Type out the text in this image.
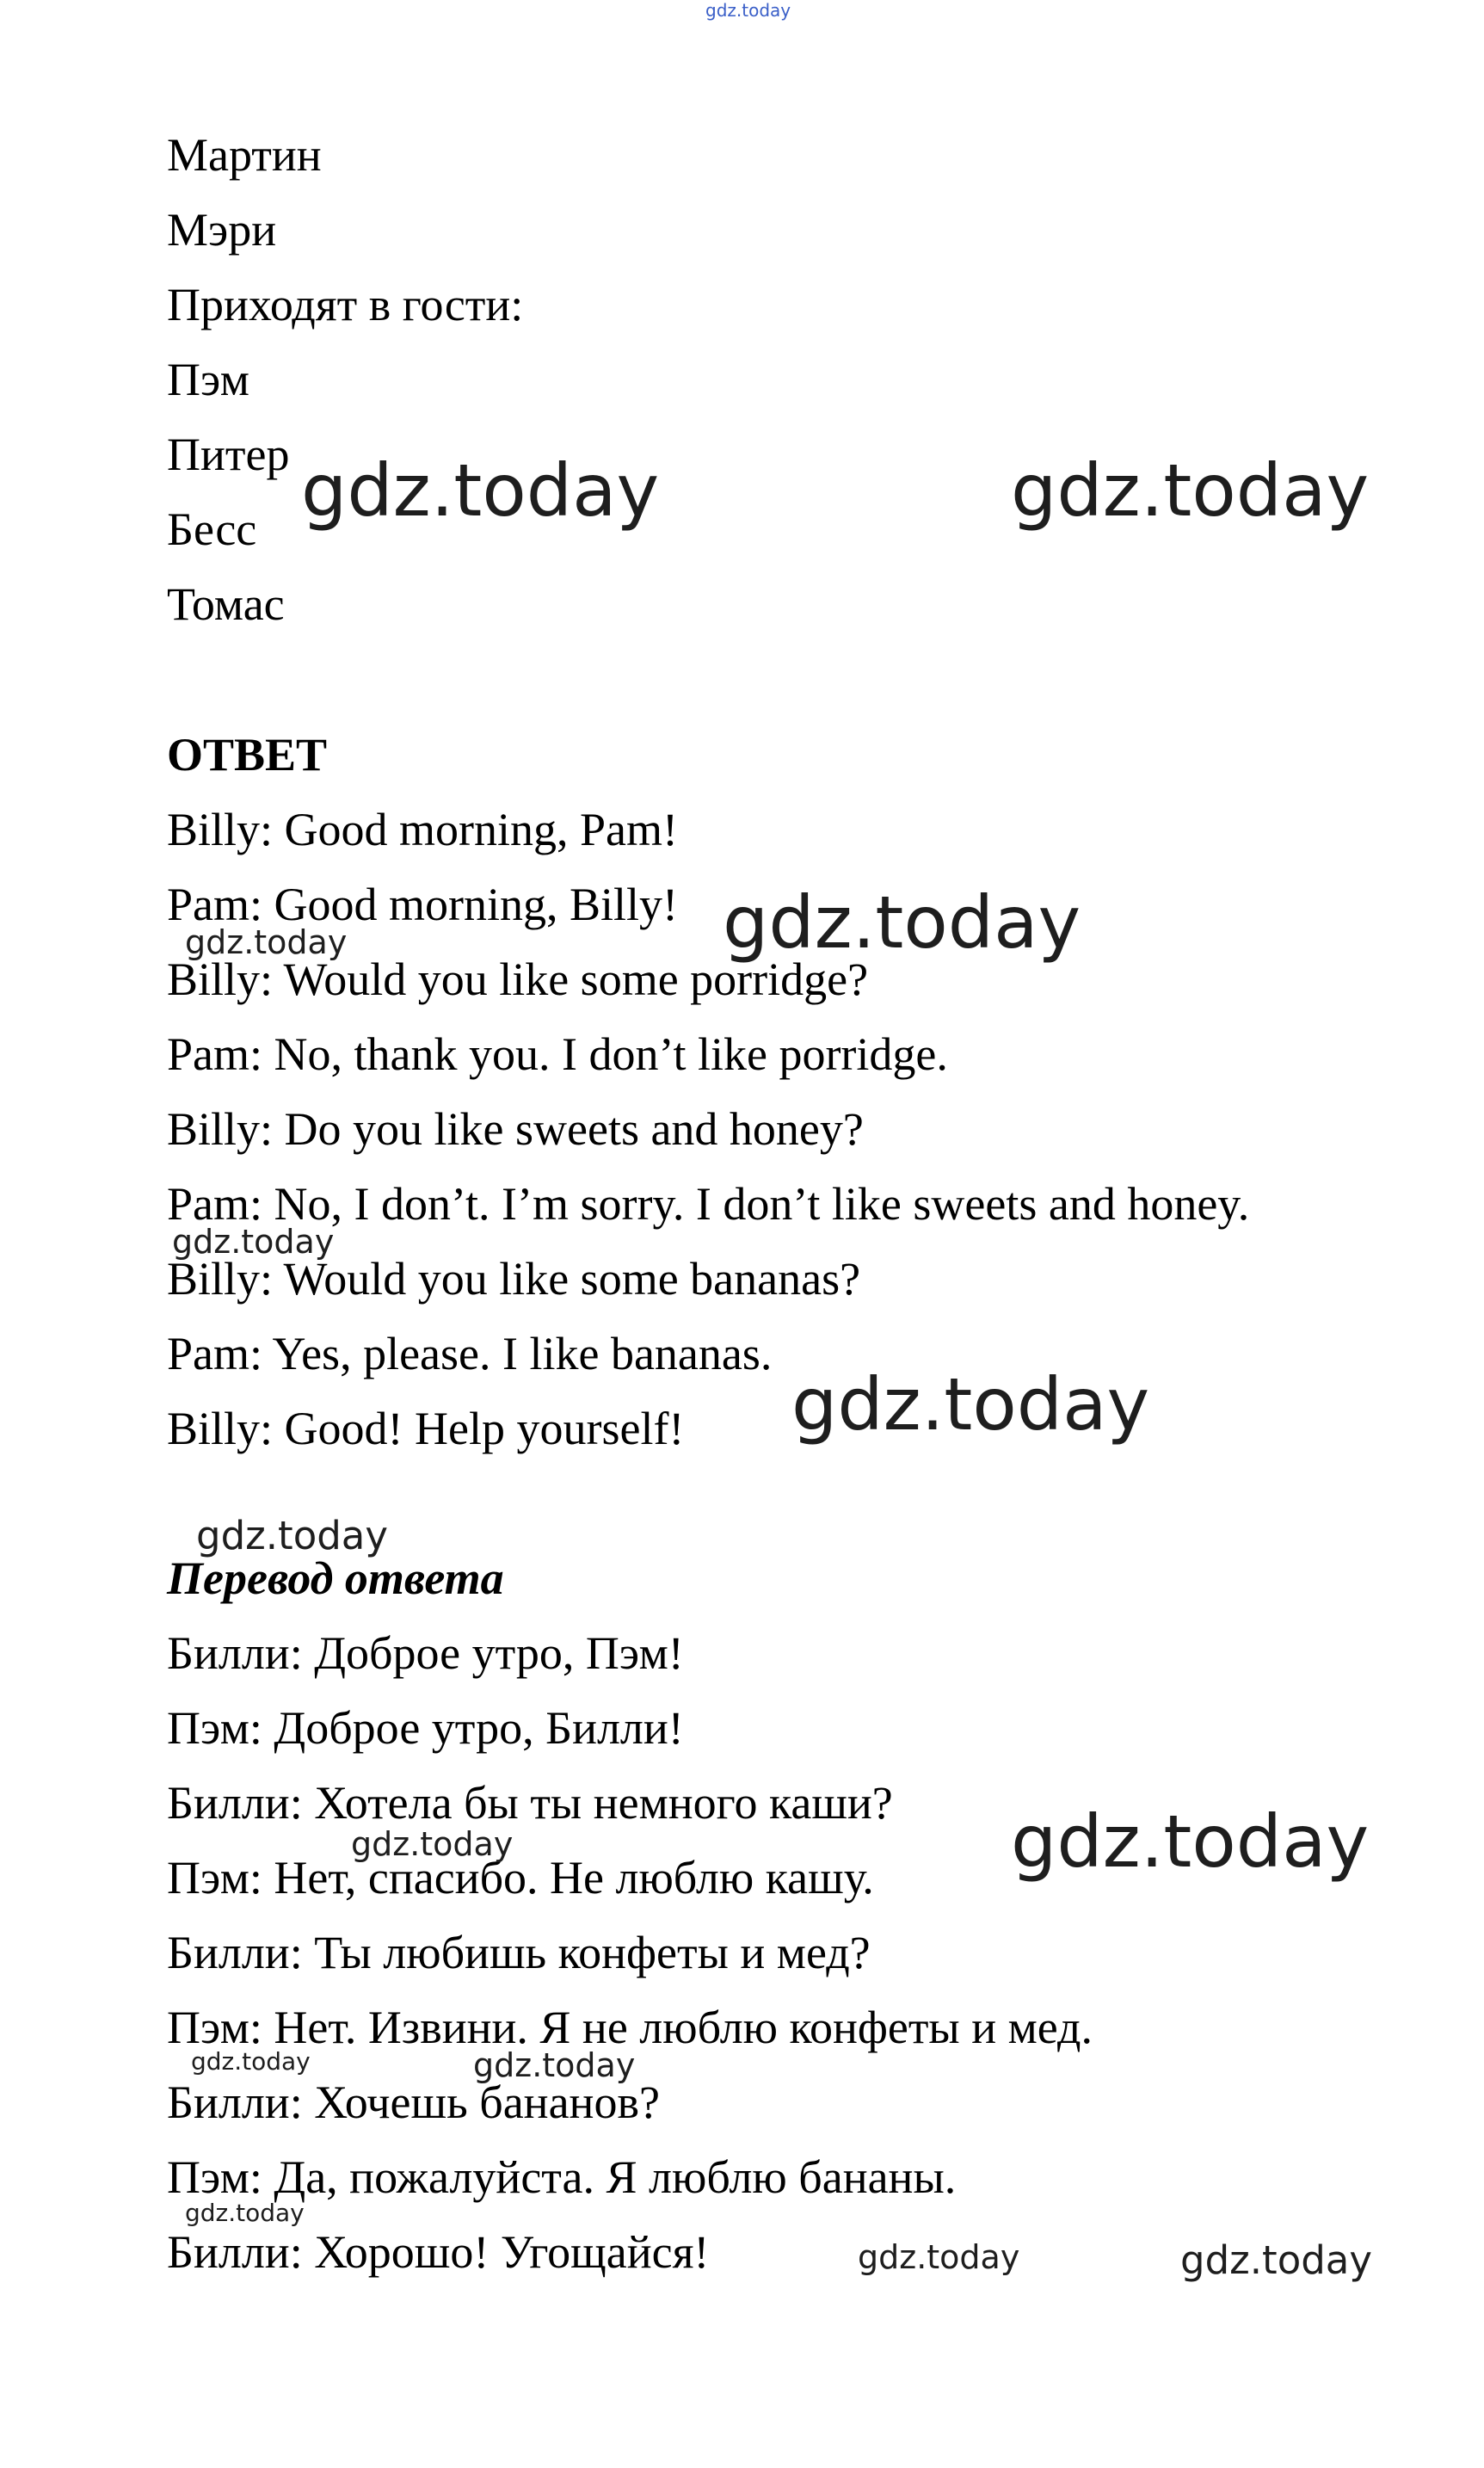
Мартин
Мэри
Приходят в гости:
Пэм
Питер
Бесс
Томас
ОТВЕТ
Billy: Good morning, Pam!
Pam: Good morning, Billy!
Billy: Would you like some porridge?
Pam: No, thank you. I don’t like porridge.
Billy: Do you like sweets and honey?
Pam: No, I don’t. I’m sorry. I don’t like sweets and honey.
Billy: Would you like some bananas?
Pam: Yes, please. I like bananas.
Billy: Good! Help yourself!
Перевод ответа
Билли: Доброе утро, Пэм!
Пэм: Доброе утро, Билли!
Билли: Хотела бы ты немного каши?
Пэм: Нет, спасибо. Не люблю кашу.
Билли: Ты любишь конфеты и мед?
Пэм: Нет. Извини. Я не люблю конфеты и мед.
Билли: Хочешь бананов?
Пэм: Да, пожалуйста. Я люблю бананы.
Билли: Хорошо! Угощайся!
gdz.today
gdz.today	gdz.today
gdz.today
gdz.today
gdz.today
gdz.today
gdz.today
gdz.today
gdz.today
gdz.today	gdz.today
gdz.today
gdz.today	gdz.today
